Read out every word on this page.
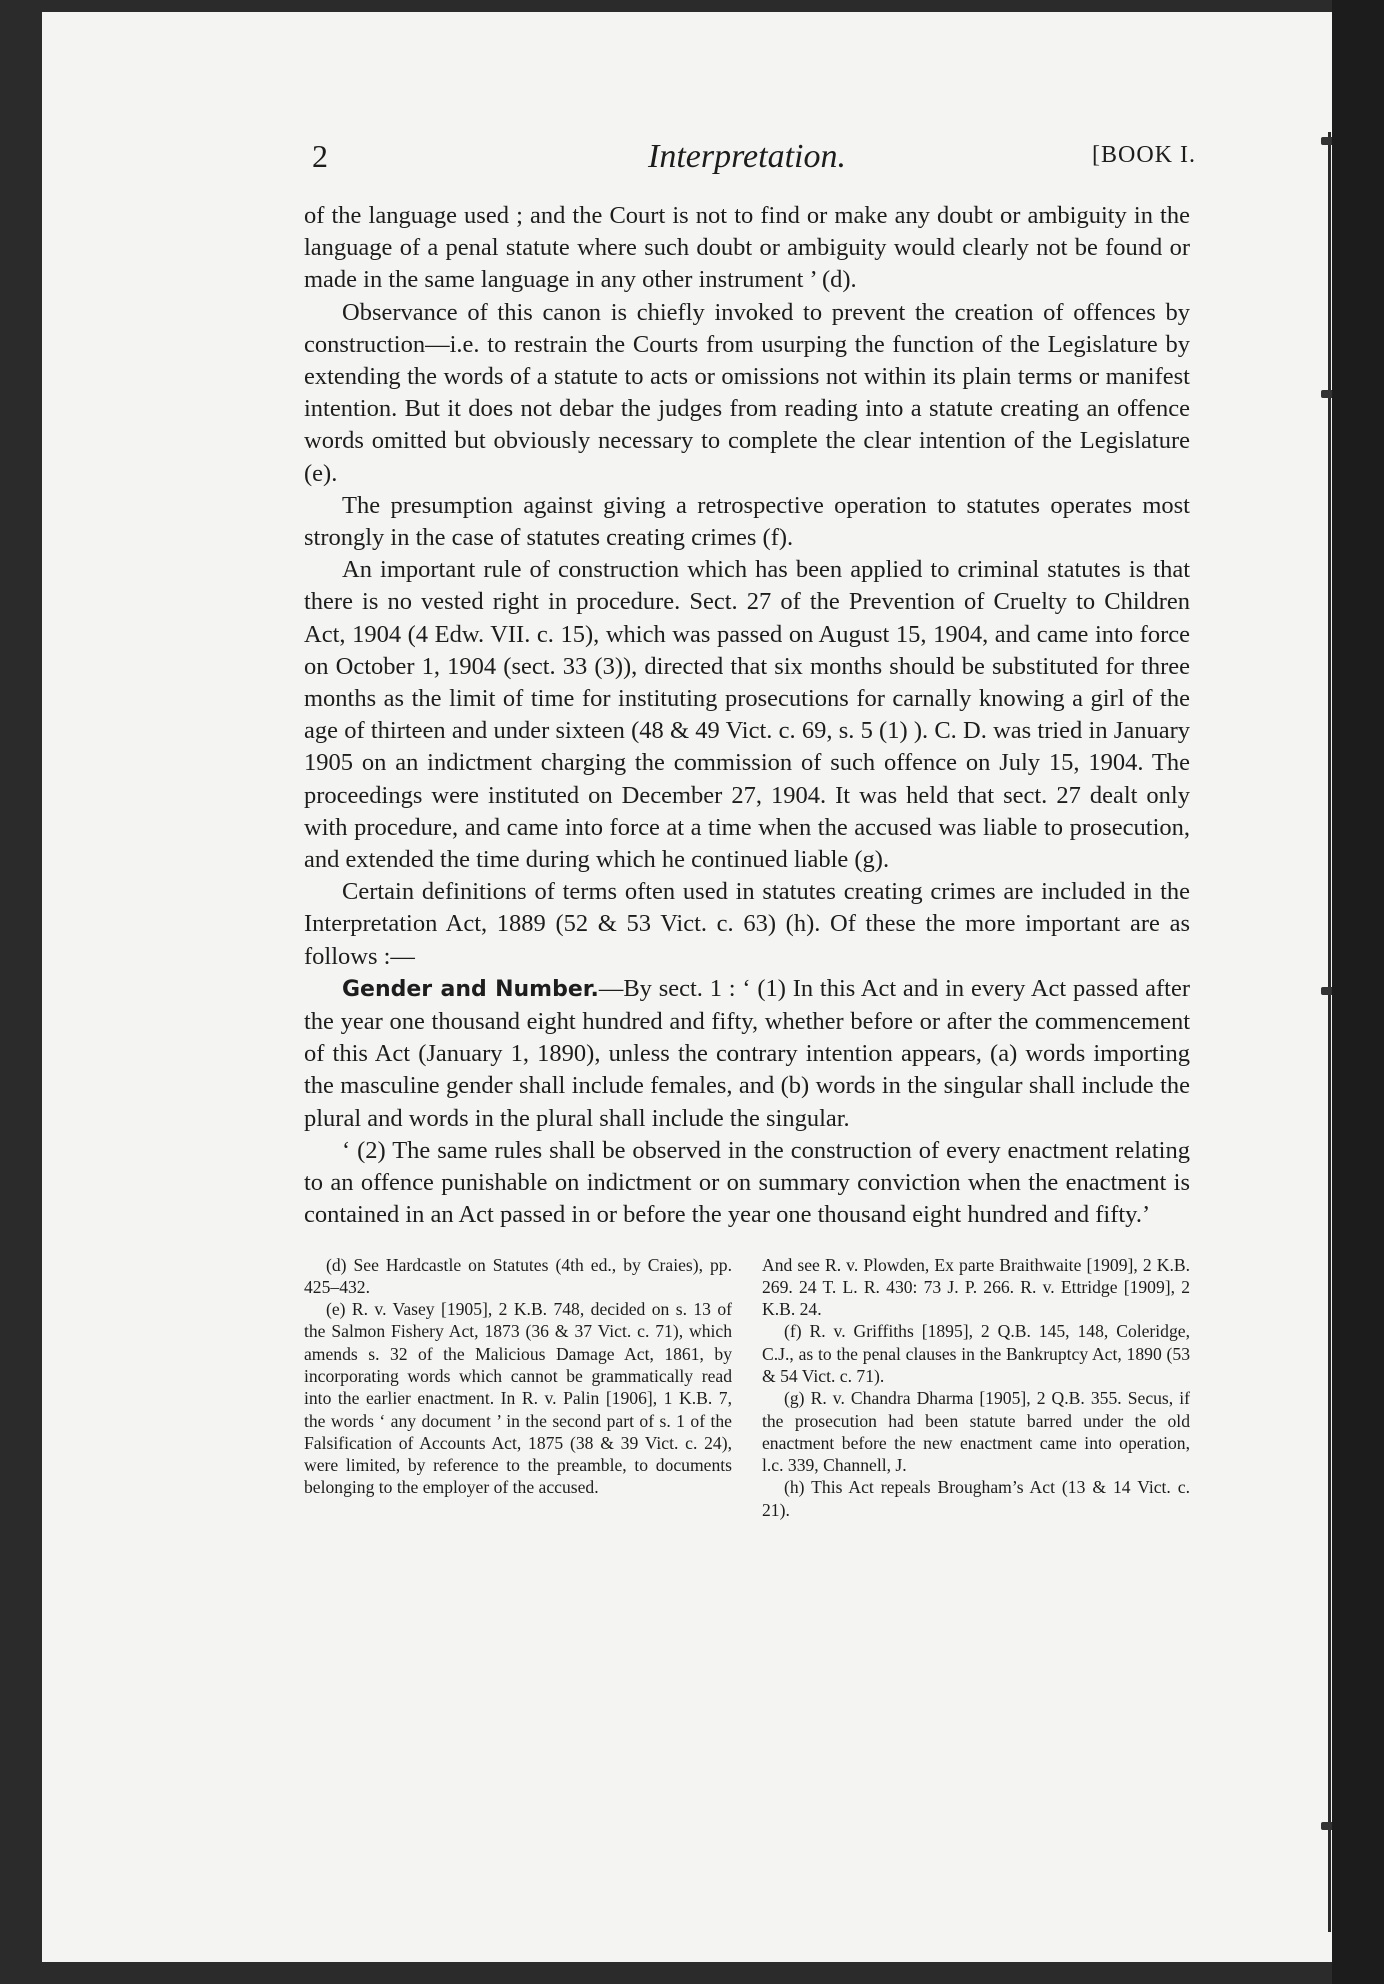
2	Interpretation.	[BOOK I.

of the language used ; and the Court is not to find or make any doubt or ambiguity in the language of a penal statute where such doubt or ambiguity would clearly not be found or made in the same language in any other instrument ’ (d).

Observance of this canon is chiefly invoked to prevent the creation of offences by construction—i.e. to restrain the Courts from usurping the function of the Legislature by extending the words of a statute to acts or omissions not within its plain terms or manifest intention. But it does not debar the judges from reading into a statute creating an offence words omitted but obviously necessary to complete the clear intention of the Legislature (e).

The presumption against giving a retrospective operation to statutes operates most strongly in the case of statutes creating crimes (f).

An important rule of construction which has been applied to criminal statutes is that there is no vested right in procedure. Sect. 27 of the Prevention of Cruelty to Children Act, 1904 (4 Edw. VII. c. 15), which was passed on August 15, 1904, and came into force on October 1, 1904 (sect. 33 (3)), directed that six months should be substituted for three months as the limit of time for instituting prosecutions for carnally knowing a girl of the age of thirteen and under sixteen (48 & 49 Vict. c. 69, s. 5 (1) ). C. D. was tried in January 1905 on an indictment charging the commission of such offence on July 15, 1904. The proceedings were instituted on December 27, 1904. It was held that sect. 27 dealt only with procedure, and came into force at a time when the accused was liable to prosecution, and extended the time during which he continued liable (g).

Certain definitions of terms often used in statutes creating crimes are included in the Interpretation Act, 1889 (52 & 53 Vict. c. 63) (h). Of these the more important are as follows :—

Gender and Number.—By sect. 1 : ‘ (1) In this Act and in every Act passed after the year one thousand eight hundred and fifty, whether before or after the commencement of this Act (January 1, 1890), unless the contrary intention appears, (a) words importing the masculine gender shall include females, and (b) words in the singular shall include the plural and words in the plural shall include the singular.

‘ (2) The same rules shall be observed in the construction of every enactment relating to an offence punishable on indictment or on summary conviction when the enactment is contained in an Act passed in or before the year one thousand eight hundred and fifty.’

(d) See Hardcastle on Statutes (4th ed., by Craies), pp. 425–432.

(e) R. v. Vasey [1905], 2 K.B. 748, decided on s. 13 of the Salmon Fishery Act, 1873 (36 & 37 Vict. c. 71), which amends s. 32 of the Malicious Damage Act, 1861, by incorporating words which cannot be grammatically read into the earlier enactment. In R. v. Palin [1906], 1 K.B. 7, the words ‘ any document ’ in the second part of s. 1 of the Falsification of Accounts Act, 1875 (38 & 39 Vict. c. 24), were limited, by reference to the preamble, to documents belonging to the employer of the accused.

And see R. v. Plowden, Ex parte Braithwaite [1909], 2 K.B. 269. 24 T. L. R. 430: 73 J. P. 266. R. v. Ettridge [1909], 2 K.B. 24.

(f) R. v. Griffiths [1895], 2 Q.B. 145, 148, Coleridge, C.J., as to the penal clauses in the Bankruptcy Act, 1890 (53 & 54 Vict. c. 71).

(g) R. v. Chandra Dharma [1905], 2 Q.B. 355. Secus, if the prosecution had been statute barred under the old enactment before the new enactment came into operation, l.c. 339, Channell, J.

(h) This Act repeals Brougham’s Act (13 & 14 Vict. c. 21).
